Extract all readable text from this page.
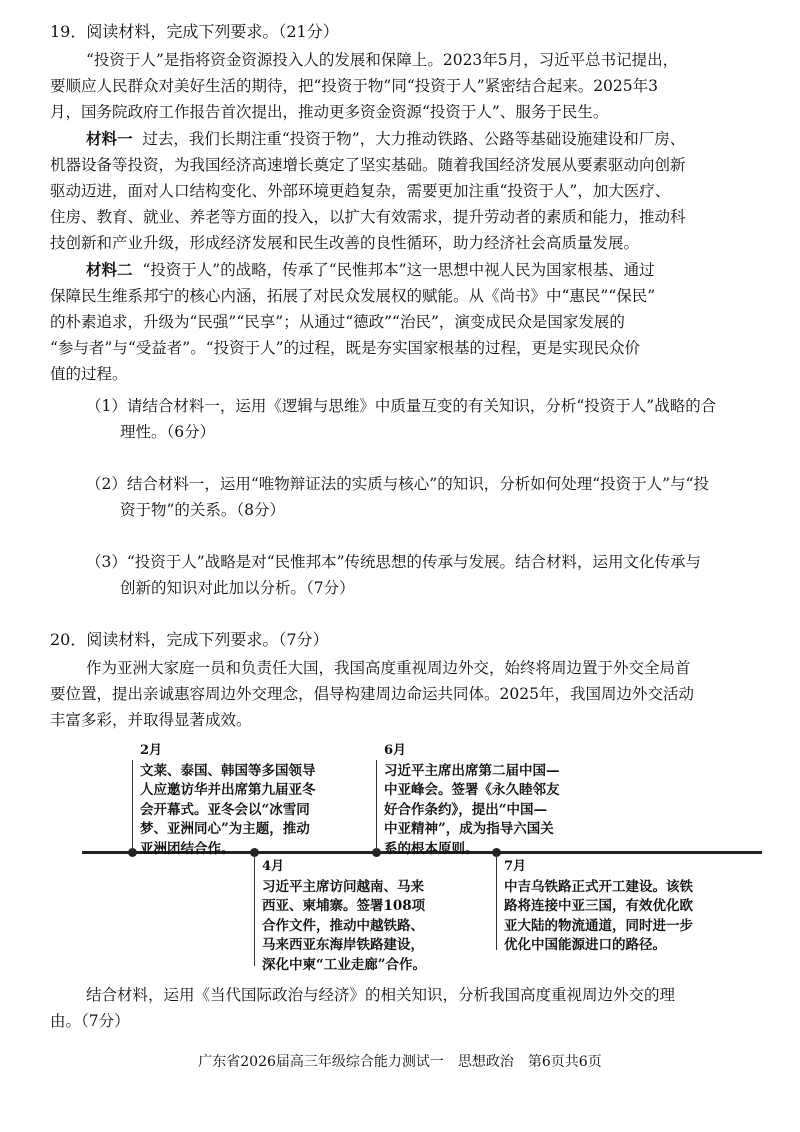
19．阅读材料，完成下列要求。（21分）
“投资于人”是指将资金资源投入人的发展和保障上。2023年5月，习近平总书记提出，
要顺应人民群众对美好生活的期待，把“投资于物”同“投资于人”紧密结合起来。2025年3
月，国务院政府工作报告首次提出，推动更多资金资源“投资于人”、服务于民生。
材料一 过去，我们长期注重“投资于物”，大力推动铁路、公路等基础设施建设和厂房、
机器设备等投资，为我国经济高速增长奠定了坚实基础。随着我国经济发展从要素驱动向创新
驱动迈进，面对人口结构变化、外部环境更趋复杂，需要更加注重“投资于人”，加大医疗、
住房、教育、就业、养老等方面的投入，以扩大有效需求，提升劳动者的素质和能力，推动科
技创新和产业升级，形成经济发展和民生改善的良性循环，助力经济社会高质量发展。
材料二 “投资于人”的战略，传承了“民惟邦本”这一思想中视人民为国家根基、通过
保障民生维系邦宁的核心内涵，拓展了对民众发展权的赋能。从《尚书》中“惠民”“保民”
的朴素追求，升级为“民强”“民享”；从通过“德政”“治民”，演变成民众是国家发展的
“参与者”与“受益者”。“投资于人”的过程，既是夯实国家根基的过程，更是实现民众价
值的过程。
（1）请结合材料一，运用《逻辑与思维》中质量互变的有关知识，分析“投资于人”战略的合
理性。（6分）
（2）结合材料一，运用“唯物辩证法的实质与核心”的知识，分析如何处理“投资于人”与“投
资于物”的关系。（8分）
（3）“投资于人”战略是对“民惟邦本”传统思想的传承与发展。结合材料，运用文化传承与
创新的知识对此加以分析。（7分）
20．阅读材料，完成下列要求。（7分）
作为亚洲大家庭一员和负责任大国，我国高度重视周边外交，始终将周边置于外交全局首
要位置，提出亲诚惠容周边外交理念，倡导构建周边命运共同体。2025年，我国周边外交活动
丰富多彩，并取得显著成效。
2月
文莱、泰国、韩国等多国领导
人应邀访华并出席第九届亚冬
会开幕式。亚冬会以“冰雪同
梦、亚洲同心”为主题，推动
亚洲团结合作。
4月
习近平主席访问越南、马来
西亚、柬埔寨。签署108项
合作文件，推动中越铁路、
马来西亚东海岸铁路建设，
深化中柬“工业走廊”合作。
6月
习近平主席出席第二届中国—
中亚峰会。签署《永久睦邻友
好合作条约》，提出“中国—
中亚精神”，成为指导六国关
系的根本原则。
7月
中吉乌铁路正式开工建设。该铁
路将连接中亚三国，有效优化欧
亚大陆的物流通道，同时进一步
优化中国能源进口的路径。
结合材料，运用《当代国际政治与经济》的相关知识，分析我国高度重视周边外交的理
由。（7分）
广东省2026届高三年级综合能力测试一　思想政治　第6页共6页
